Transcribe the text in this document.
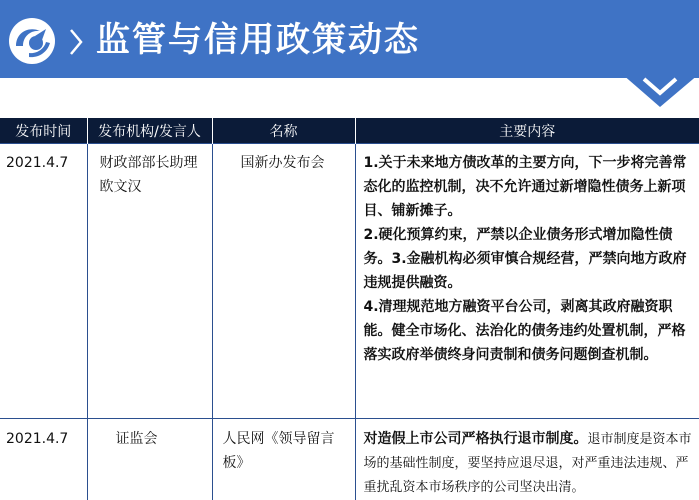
监管与信用政策动态
发布时间	发布机构/发言人	名称	主要内容
2021.4.7	财政部部长助理欧文汉	国新办发布会	1.关于未来地方债改革的主要方向，下一步将完善常态化的监控机制，决不允许通过新增隐性债务上新项目、铺新摊子。
2.硬化预算约束，严禁以企业债务形式增加隐性债务。3.金融机构必须审慎合规经营，严禁向地方政府违规提供融资。
4.清理规范地方融资平台公司，剥离其政府融资职能。健全市场化、法治化的债务违约处置机制，严格落实政府举债终身问责制和债务问题倒查机制。

2021.4.7	证监会	人民网《领导留言板》	对造假上市公司严格执行退市制度。退市制度是资本市场的基础性制度，要坚持应退尽退，对严重违法违规、严重扰乱资本市场秩序的公司坚决出清。
